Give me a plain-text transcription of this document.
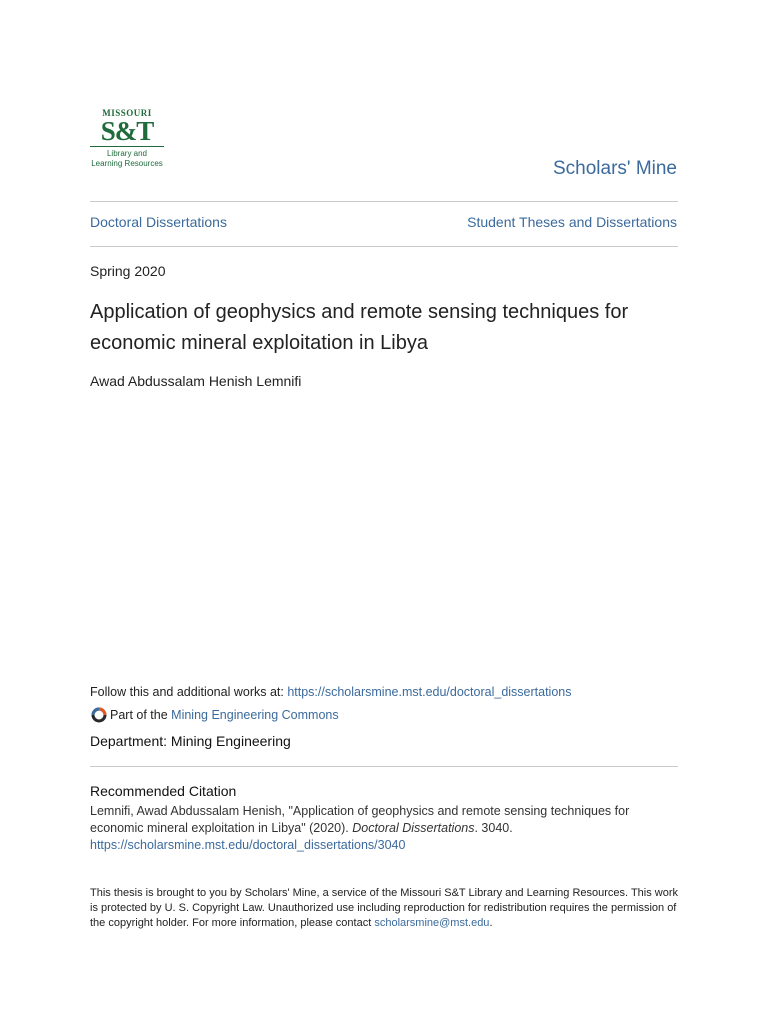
MISSOURI
S&T
Library and
Learning Resources	Scholars' Mine
Doctoral Dissertations	Student Theses and Dissertations
Spring 2020
Application of geophysics and remote sensing techniques for economic mineral exploitation in Libya
Awad Abdussalam Henish Lemnifi
Follow this and additional works at: https://scholarsmine.mst.edu/doctoral_dissertations
Part of the Mining Engineering Commons
Department: Mining Engineering
Recommended Citation
Lemnifi, Awad Abdussalam Henish, "Application of geophysics and remote sensing techniques for economic mineral exploitation in Libya" (2020). Doctoral Dissertations. 3040.
https://scholarsmine.mst.edu/doctoral_dissertations/3040
This thesis is brought to you by Scholars' Mine, a service of the Missouri S&T Library and Learning Resources. This work is protected by U. S. Copyright Law. Unauthorized use including reproduction for redistribution requires the permission of the copyright holder. For more information, please contact scholarsmine@mst.edu.
